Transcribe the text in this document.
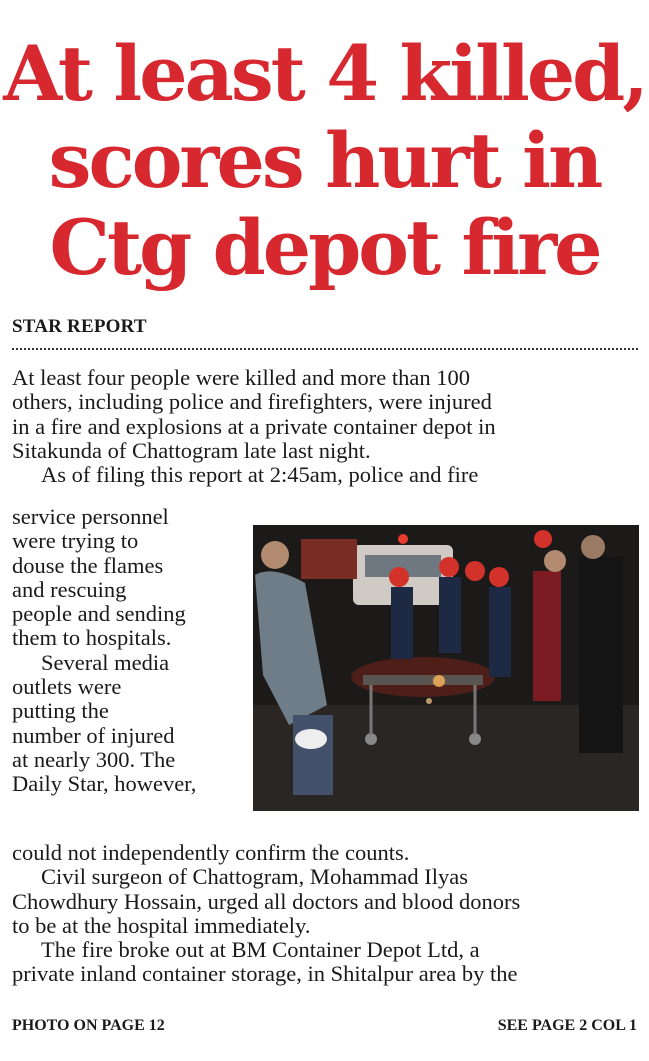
At least 4 killed,
scores hurt in
Ctg depot fire
STAR REPORT

At least four people were killed and more than 100
others, including police and firefighters, were injured
in a fire and explosions at a private container depot in
Sitakunda of Chattogram late last night.

As of filing this report at 2:45am, police and fire

service personnel
were trying to
douse the flames
and rescuing
people and sending
them to hospitals.

Several media
outlets were
putting the
number of injured
at nearly 300. The
Daily Star, however,

could not independently confirm the counts.

Civil surgeon of Chattogram, Mohammad Ilyas
Chowdhury Hossain, urged all doctors and blood donors
to be at the hospital immediately.

The fire broke out at BM Container Depot Ltd, a
private inland container storage, in Shitalpur area by the

PHOTO ON PAGE 12	SEE PAGE 2 COL 1
